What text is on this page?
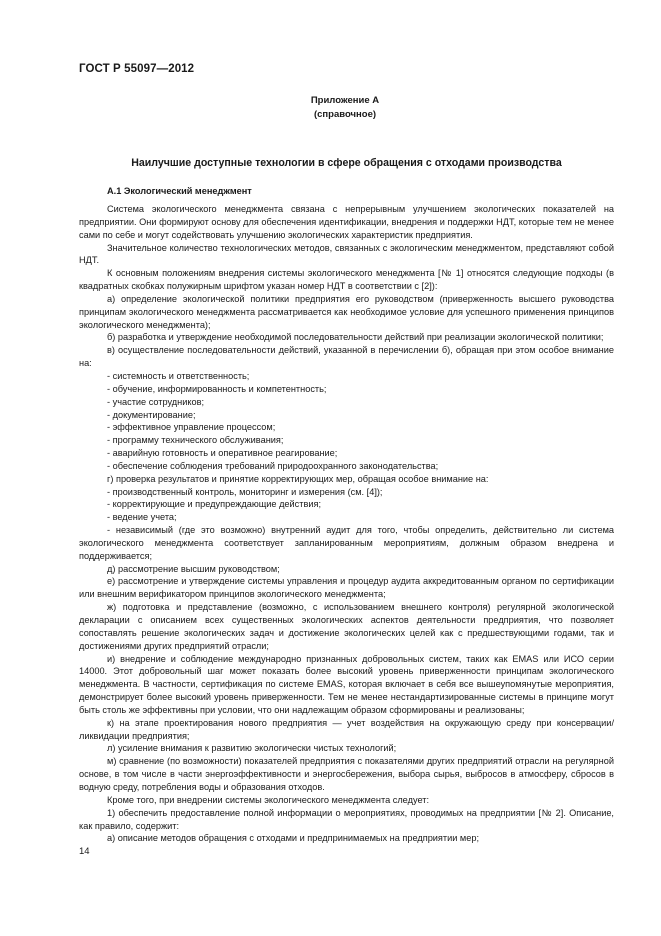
ГОСТ Р 55097—2012
Приложение А
(справочное)
Наилучшие доступные технологии в сфере обращения с отходами производства
А.1 Экологический менеджмент

Система экологического менеджмента связана с непрерывным улучшением экологических показателей на предприятии. Они формируют основу для обеспечения идентификации, внедрения и поддержки НДТ, которые тем не менее сами по себе и могут содействовать улучшению экологических характеристик предприятия.

Значительное количество технологических методов, связанных с экологическим менеджментом, представляют собой НДТ.

К основным положениям внедрения системы экологического менеджмента [№ 1] относятся следующие подходы (в квадратных скобках полужирным шрифтом указан номер НДТ в соответствии с [2]):

а) определение экологической политики предприятия его руководством (приверженность высшего руководства принципам экологического менеджмента рассматривается как необходимое условие для успешного применения принципов экологического менеджмента);

б) разработка и утверждение необходимой последовательности действий при реализации экологической политики;

в) осуществление последовательности действий, указанной в перечислении б), обращая при этом особое внимание на:

- системность и ответственность;

- обучение, информированность и компетентность;

- участие сотрудников;

- документирование;

- эффективное управление процессом;

- программу технического обслуживания;

- аварийную готовность и оперативное реагирование;

- обеспечение соблюдения требований природоохранного законодательства;

г) проверка результатов и принятие корректирующих мер, обращая особое внимание на:

- производственный контроль, мониторинг и измерения (см. [4]);

- корректирующие и предупреждающие действия;

- ведение учета;

- независимый (где это возможно) внутренний аудит для того, чтобы определить, действительно ли система экологического менеджмента соответствует запланированным мероприятиям, должным образом внедрена и поддерживается;

д) рассмотрение высшим руководством;

е) рассмотрение и утверждение системы управления и процедур аудита аккредитованным органом по сертификации или внешним верификатором принципов экологического менеджмента;

ж) подготовка и представление (возможно, с использованием внешнего контроля) регулярной экологической декларации с описанием всех существенных экологических аспектов деятельности предприятия, что позволяет сопоставлять решение экологических задач и достижение экологических целей как с предшествующими годами, так и достижениями других предприятий отрасли;

и) внедрение и соблюдение международно признанных добровольных систем, таких как EMAS или ИСО серии 14000. Этот добровольный шаг может показать более высокий уровень приверженности принципам экологического менеджмента. В частности, сертификация по системе EMAS, которая включает в себя все вышеупомянутые мероприятия, демонстрирует более высокий уровень приверженности. Тем не менее нестандартизированные системы в принципе могут быть столь же эффективны при условии, что они надлежащим образом сформированы и реализованы;

к) на этапе проектирования нового предприятия — учет воздействия на окружающую среду при консервации/ликвидации предприятия;

л) усиление внимания к развитию экологически чистых технологий;

м) сравнение (по возможности) показателей предприятия с показателями других предприятий отрасли на регулярной основе, в том числе в части энергоэффективности и энергосбережения, выбора сырья, выбросов в атмосферу, сбросов в водную среду, потребления воды и образования отходов.

Кроме того, при внедрении системы экологического менеджмента следует:

1) обеспечить предоставление полной информации о мероприятиях, проводимых на предприятии [№ 2]. Описание, как правило, содержит:

а) описание методов обращения с отходами и предпринимаемых на предприятии мер;

14
